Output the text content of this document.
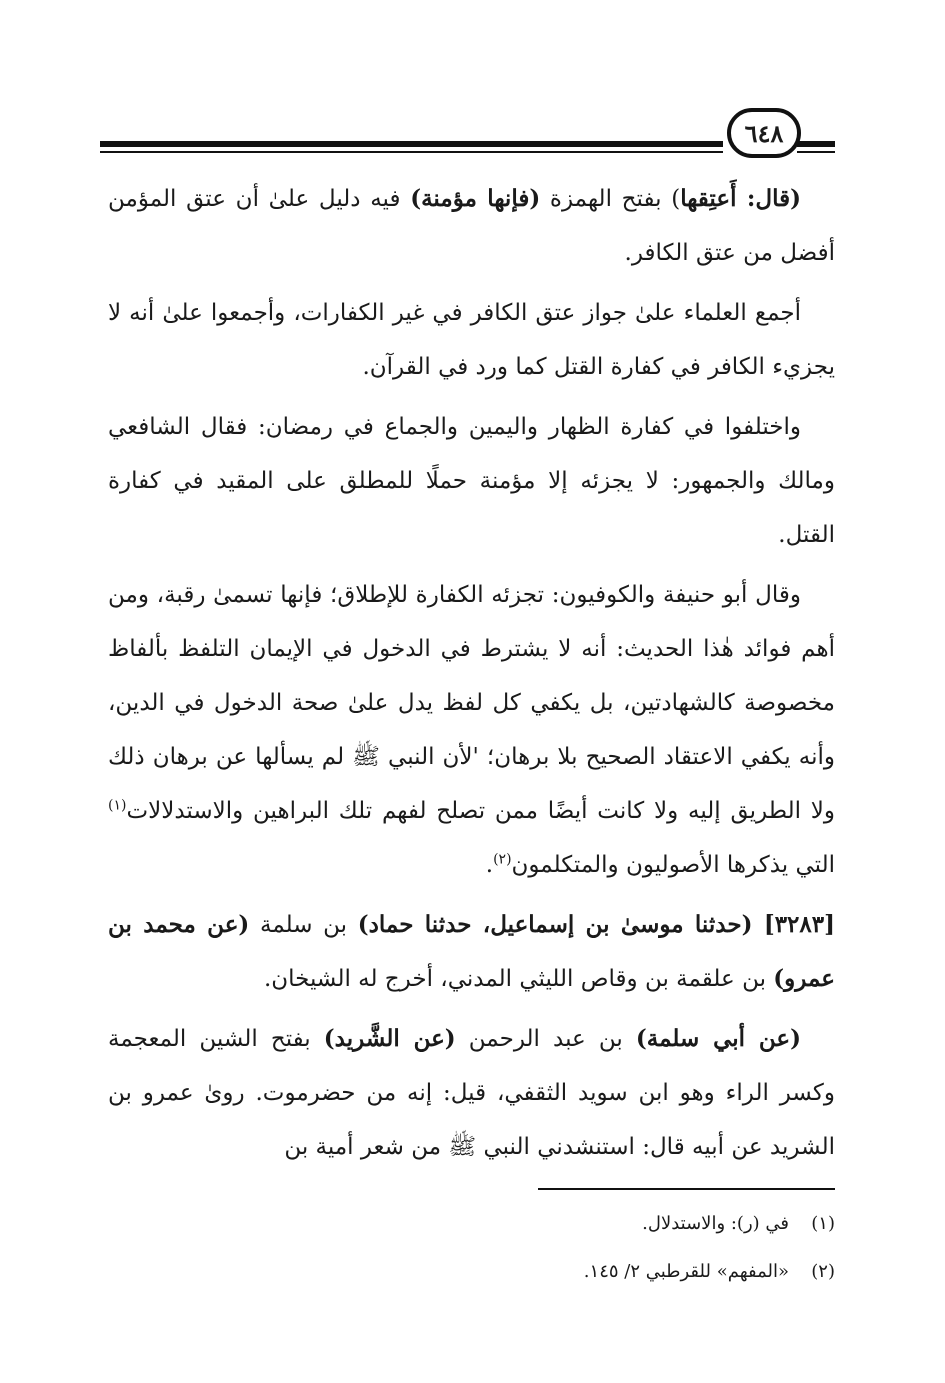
٦٤٨

(قال: أَعتِقها) بفتح الهمزة (فإنها مؤمنة) فيه دليل علىٰ أن عتق المؤمن أفضل من عتق الكافر.

أجمع العلماء علىٰ جواز عتق الكافر في غير الكفارات، وأجمعوا علىٰ أنه لا يجزيء الكافر في كفارة القتل كما ورد في القرآن.

واختلفوا في كفارة الظهار واليمين والجماع في رمضان: فقال الشافعي ومالك والجمهور: لا يجزئه إلا مؤمنة حملًا للمطلق على المقيد في كفارة القتل.

وقال أبو حنيفة والكوفيون: تجزئه الكفارة للإطلاق؛ فإنها تسمىٰ رقبة، ومن أهم فوائد هٰذا الحديث: أنه لا يشترط في الدخول في الإيمان التلفظ بألفاظ مخصوصة كالشهادتين، بل يكفي كل لفظ يدل علىٰ صحة الدخول في الدين، وأنه يكفي الاعتقاد الصحيح بلا برهان؛ 'لأن النبي ﷺ لم يسألها عن برهان ذلك ولا الطريق إليه ولا كانت أيضًا ممن تصلح لفهم تلك البراهين والاستدلالات$^{(١)}$ التي يذكرها الأصوليون والمتكلمون$^{(٢)}$.

[٣٢٨٣] (حدثنا موسىٰ بن إسماعيل، حدثنا حماد) بن سلمة (عن محمد بن عمرو) بن علقمة بن وقاص الليثي المدني، أخرج له الشيخان.

(عن أبي سلمة) بن عبد الرحمن (عن الشَّريد) بفتح الشين المعجمة وكسر الراء وهو ابن سويد الثقفي، قيل: إنه من حضرموت. روىٰ عمرو بن الشريد عن أبيه قال: استنشدني النبي ﷺ من شعر أمية بن

(١)
في (ر): والاستدلال.
(٢)
«المفهم» للقرطبي ٢/ ١٤٥.
